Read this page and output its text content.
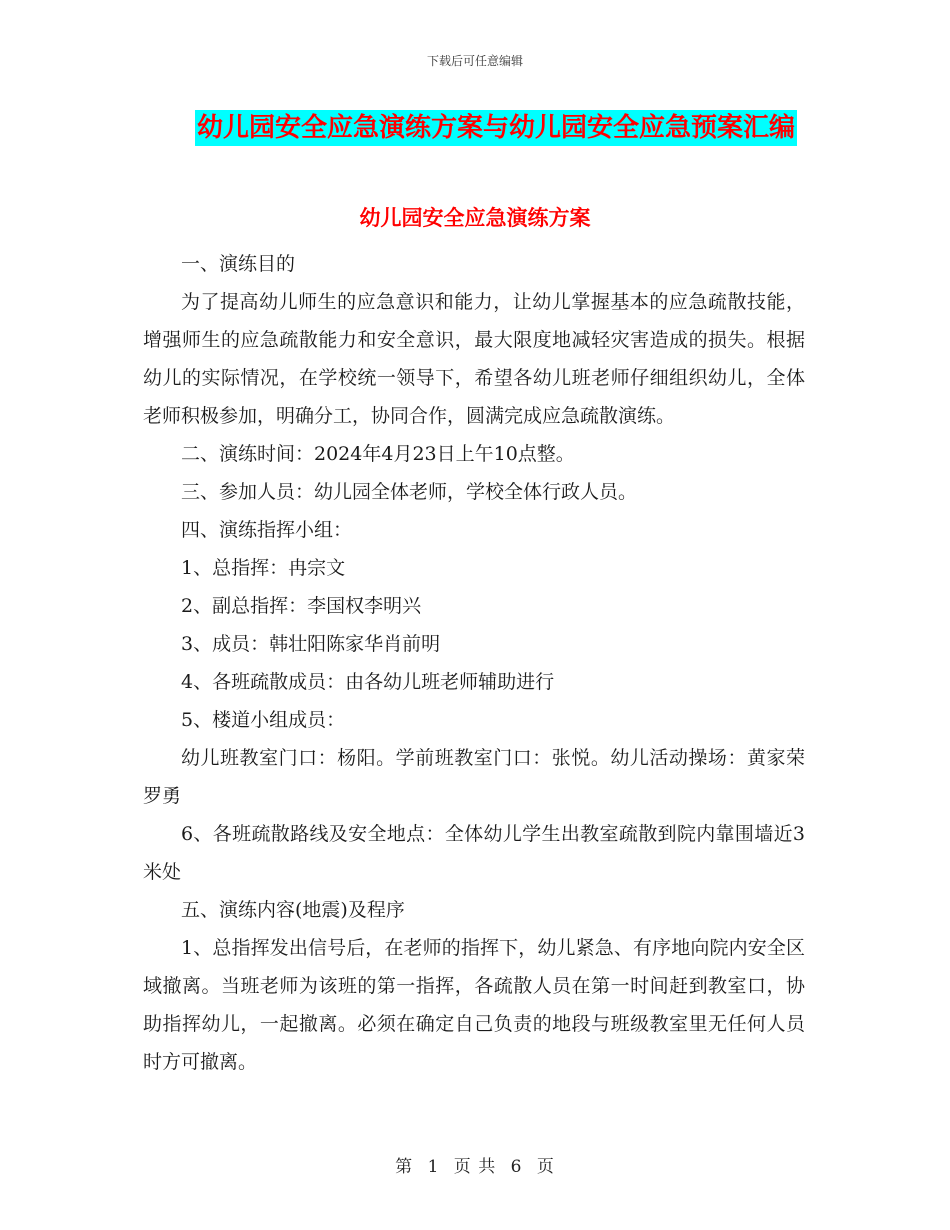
下载后可任意编辑
幼儿园安全应急演练方案与幼儿园安全应急预案汇编
幼儿园安全应急演练方案

一、演练目的

为了提高幼儿师生的应急意识和能力，让幼儿掌握基本的应急疏散技能，增强师生的应急疏散能力和安全意识，最大限度地减轻灾害造成的损失。根据幼儿的实际情况，在学校统一领导下，希望各幼儿班老师仔细组织幼儿，全体老师积极参加，明确分工，协同合作，圆满完成应急疏散演练。

二、演练时间：2024年4月23日上午10点整。

三、参加人员：幼儿园全体老师，学校全体行政人员。

四、演练指挥小组：

1、总指挥：冉宗文

2、副总指挥：李国权李明兴

3、成员：韩壮阳陈家华肖前明

4、各班疏散成员：由各幼儿班老师辅助进行

5、楼道小组成员：

幼儿班教室门口：杨阳。学前班教室门口：张悦。幼儿活动操场：黄家荣罗勇

6、各班疏散路线及安全地点：全体幼儿学生出教室疏散到院内靠围墙近3米处

五、演练内容(地震)及程序

1、总指挥发出信号后，在老师的指挥下，幼儿紧急、有序地向院内安全区域撤离。当班老师为该班的第一指挥，各疏散人员在第一时间赶到教室口，协助指挥幼儿，一起撤离。必须在确定自己负责的地段与班级教室里无任何人员时方可撤离。

第 1 页 共 6 页
